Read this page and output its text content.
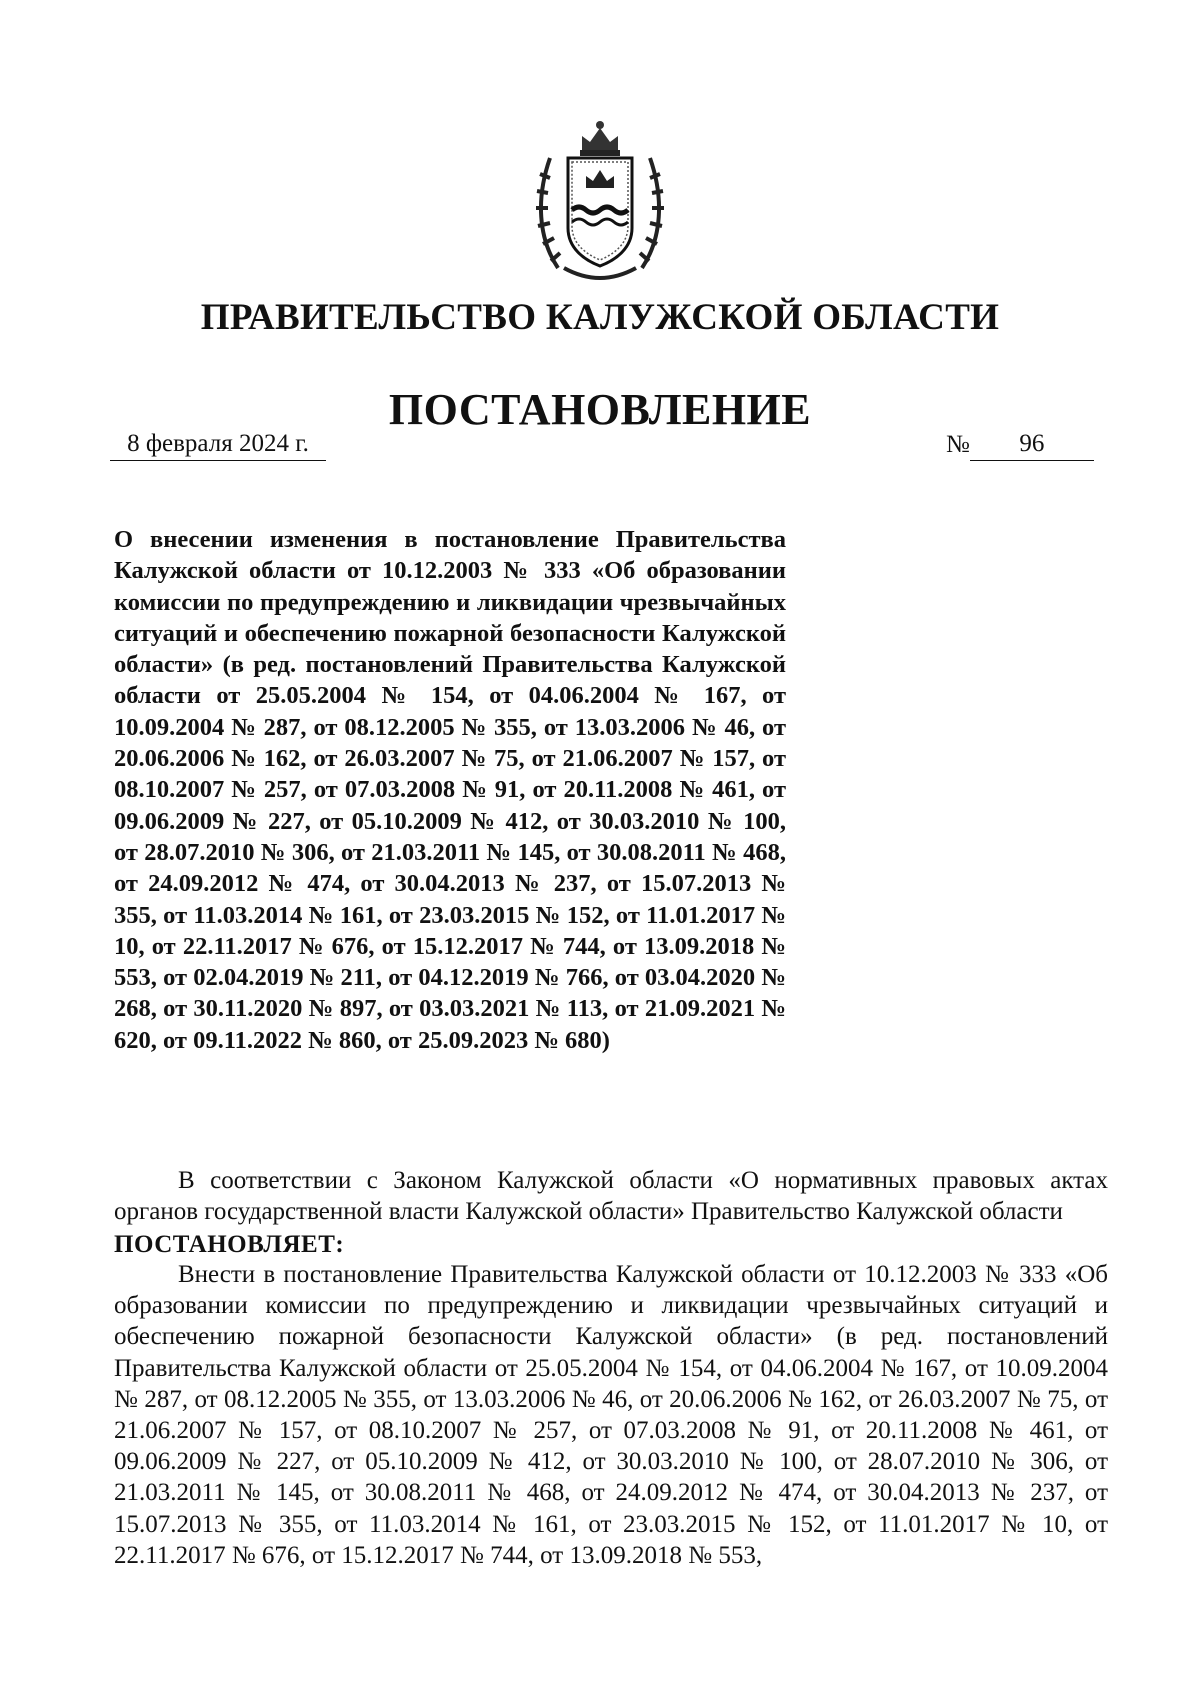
ПРАВИТЕЛЬСТВО КАЛУЖСКОЙ ОБЛАСТИ
ПОСТАНОВЛЕНИЕ
8 февраля 2024 г.	№ 96
О внесении изменения в постановление Правительства Калужской области от 10.12.2003 № 333 «Об образовании комиссии по предупреждению и ликвидации чрезвычайных ситуаций и обеспечению пожарной безопасности Калужской области» (в ред. постановлений Правительства Калужской области от 25.05.2004 № 154, от 04.06.2004 № 167, от 10.09.2004 № 287, от 08.12.2005 № 355, от 13.03.2006 № 46, от 20.06.2006 № 162, от 26.03.2007 № 75, от 21.06.2007 № 157, от 08.10.2007 № 257, от 07.03.2008 № 91, от 20.11.2008 № 461, от 09.06.2009 № 227, от 05.10.2009 № 412, от 30.03.2010 № 100, от 28.07.2010 № 306, от 21.03.2011 № 145, от 30.08.2011 № 468, от 24.09.2012 № 474, от 30.04.2013 № 237, от 15.07.2013 № 355, от 11.03.2014 № 161, от 23.03.2015 № 152, от 11.01.2017 № 10, от 22.11.2017 № 676, от 15.12.2017 № 744, от 13.09.2018 № 553, от 02.04.2019 № 211, от 04.12.2019 № 766, от 03.04.2020 № 268, от 30.11.2020 № 897, от 03.03.2021 № 113, от 21.09.2021 № 620, от 09.11.2022 № 860, от 25.09.2023 № 680)
В соответствии с Законом Калужской области «О нормативных правовых актах органов государственной власти Калужской области» Правительство Калужской области
ПОСТАНОВЛЯЕТ:
Внести в постановление Правительства Калужской области от 10.12.2003 № 333 «Об образовании комиссии по предупреждению и ликвидации чрезвычайных ситуаций и обеспечению пожарной безопасности Калужской области» (в ред. постановлений Правительства Калужской области от 25.05.2004 № 154, от 04.06.2004 № 167, от 10.09.2004 № 287, от 08.12.2005 № 355, от 13.03.2006 № 46, от 20.06.2006 № 162, от 26.03.2007 № 75, от 21.06.2007 № 157, от 08.10.2007 № 257, от 07.03.2008 № 91, от 20.11.2008 № 461, от 09.06.2009 № 227, от 05.10.2009 № 412, от 30.03.2010 № 100, от 28.07.2010 № 306, от 21.03.2011 № 145, от 30.08.2011 № 468, от 24.09.2012 № 474, от 30.04.2013 № 237, от 15.07.2013 № 355, от 11.03.2014 № 161, от 23.03.2015 № 152, от 11.01.2017 № 10, от 22.11.2017 № 676, от 15.12.2017 № 744, от 13.09.2018 № 553,
